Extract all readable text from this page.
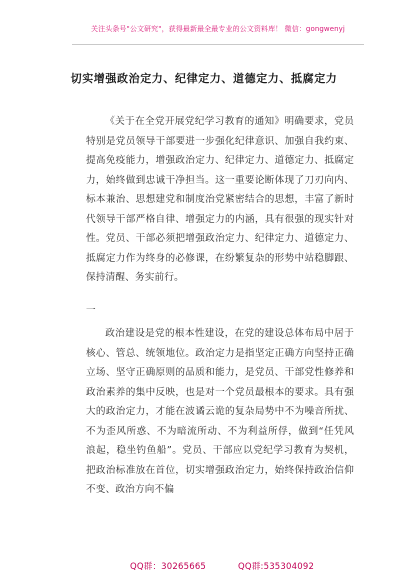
关注头条号"公文研究"，获得最新最全最专业的公文资料库！ 微信：gongwenyj
切实增强政治定力、纪律定力、道德定力、抵腐定力

《关于在全党开展党纪学习教育的通知》明确要求，党员特别是党员领导干部要进一步强化纪律意识、加强自我约束、提高免疫能力，增强政治定力、纪律定力、道德定力、抵腐定力，始终做到忠诚干净担当。这一重要论断体现了刀刃向内、标本兼治、思想建党和制度治党紧密结合的思想，丰富了新时代领导干部严格自律、增强定力的内涵，具有很强的现实针对性。党员、干部必须把增强政治定力、纪律定力、道德定力、抵腐定力作为终身的必修课，在纷繁复杂的形势中站稳脚跟、保持清醒、务实前行。

一

政治建设是党的根本性建设，在党的建设总体布局中居于核心、管总、统领地位。政治定力是指坚定正确方向坚持正确立场、坚守正确原则的品质和能力，是党员、干部党性修养和政治素养的集中反映，也是对一个党员最根本的要求。具有强大的政治定力，才能在波谲云诡的复杂局势中不为噪音所扰、不为歪风所惑、不为暗流所动、不为利益所俘，做到“任凭风浪起，稳坐钓鱼船”。党员、干部应以党纪学习教育为契机，把政治标准放在首位，切实增强政治定力，始终保持政治信仰不变、政治方向不偏

QQ群：30265665	QQ群:535304092
